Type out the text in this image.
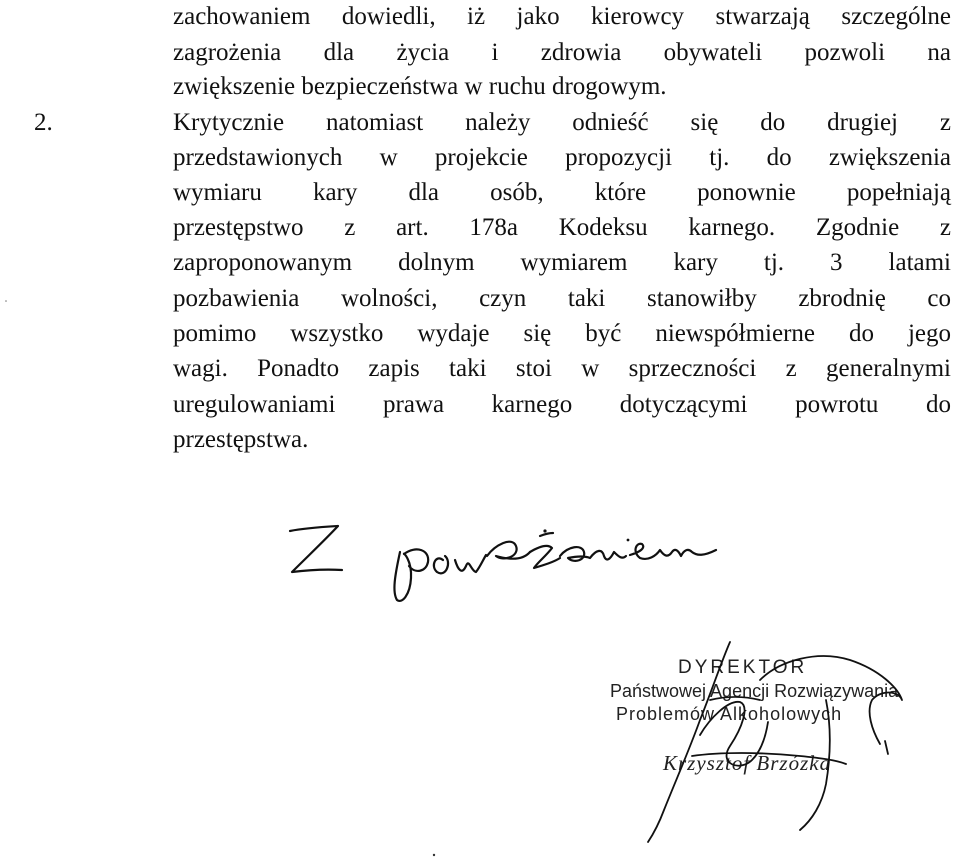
zachowaniem dowiedli, iż jako kierowcy stwarzają szczególne
zagrożenia dla życia i zdrowia obywateli pozwoli na
zwiększenie bezpieczeństwa w ruchu drogowym.
2.	Krytycznie natomiast należy odnieść się do drugiej z
przedstawionych w projekcie propozycji tj. do zwiększenia
wymiaru kary dla osób, które ponownie popełniają
przestępstwo z art. 178a Kodeksu karnego. Zgodnie z
zaproponowanym dolnym wymiarem kary tj. 3 latami
pozbawienia wolności, czyn taki stanowiłby zbrodnię co
pomimo wszystko wydaje się być niewspółmierne do jego
wagi. Ponadto zapis taki stoi w sprzeczności z generalnymi
uregulowaniami prawa karnego dotyczącymi powrotu do
przestępstwa.
DYREKTOR
Państwowej Agencji Rozwiązywania
Problemów Alkoholowych
Krzysztof Brzózka
